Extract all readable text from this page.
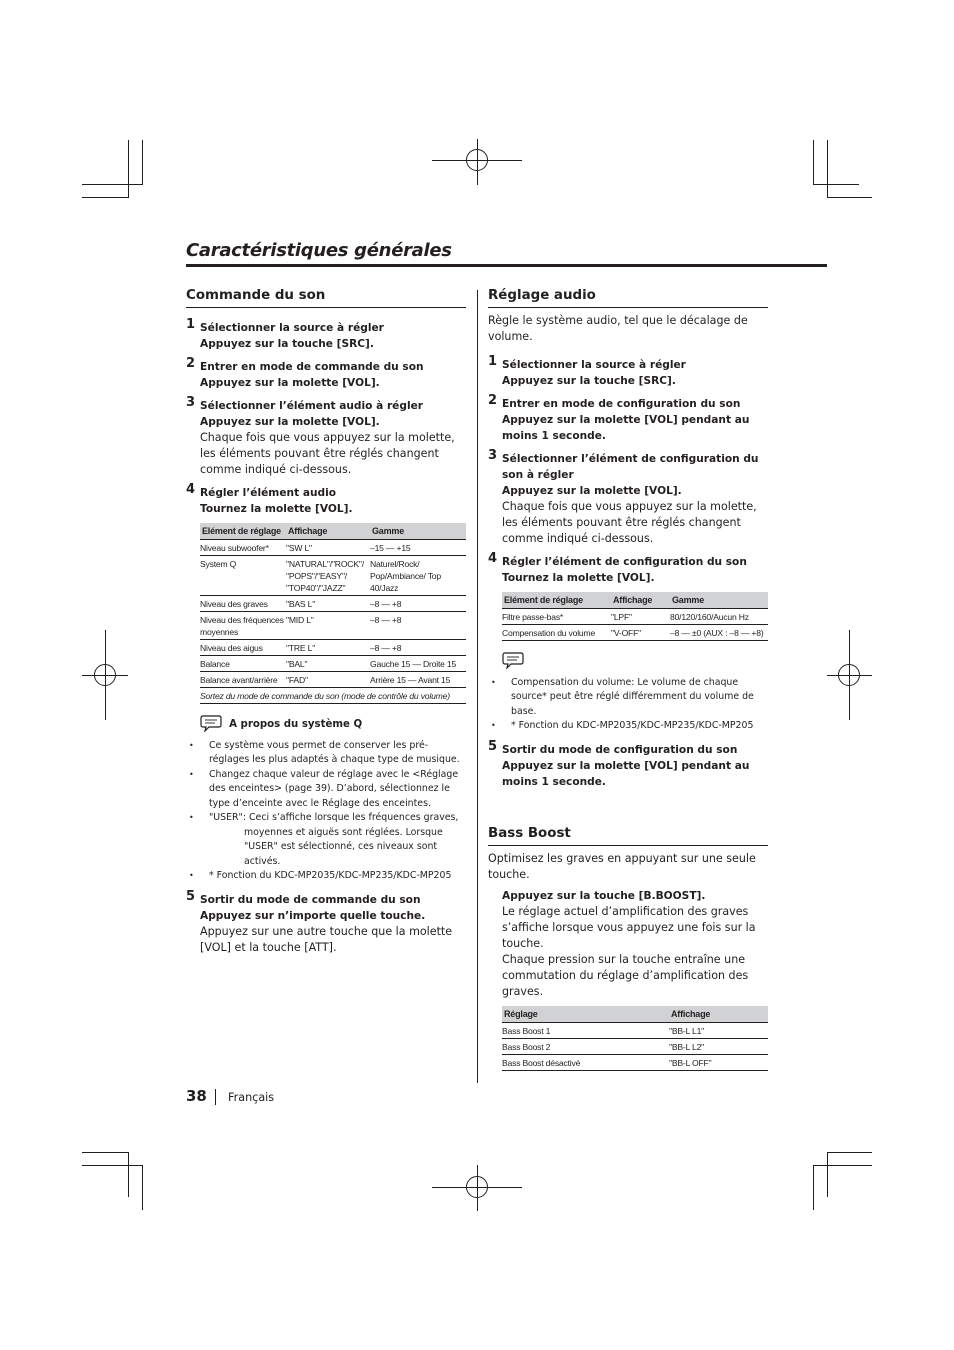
Caractéristiques générales
Commande du son
1 Sélectionner la source à régler
Appuyez sur la touche [SRC].
2 Entrer en mode de commande du son
Appuyez sur la molette [VOL].
3 Sélectionner l’élément audio à régler
Appuyez sur la molette [VOL].
Chaque fois que vous appuyez sur la molette, les éléments pouvant être réglés changent comme indiqué ci-dessous.
4 Régler l’élément audio
Tournez la molette [VOL].
Elément de réglage	Affichage	Gamme
Niveau subwoofer*	"SW L"	–15 — +15
System Q	"NATURAL"/"ROCK"/ "POPS"/"EASY"/ "TOP40"/"JAZZ"	Naturel/Rock/ Pop/Ambiance/ Top 40/Jazz
Niveau des graves	"BAS L"	–8 — +8
Niveau des fréquences moyennes	"MID L"	–8 — +8
Niveau des aigus	"TRE L"	–8 — +8
Balance	"BAL"	Gauche 15 — Droite 15
Balance avant/arrière	"FAD"	Arrière 15 — Avant 15
Sortez du mode de commande du son (mode de contrôle du volume)		
A propos du système Q
• Ce système vous permet de conserver les pré-réglages les plus adaptés à chaque type de musique.
• Changez chaque valeur de réglage avec le <Réglage des enceintes> (page 39). D’abord, sélectionnez le type d’enceinte avec le Réglage des enceintes.
• "USER": Ceci s’affiche lorsque les fréquences graves,
moyennes et aiguës sont réglées. Lorsque "USER" est sélectionné, ces niveaux sont activés.
• * Fonction du KDC-MP2035/KDC-MP235/KDC-MP205
5 Sortir du mode de commande du son
Appuyez sur n’importe quelle touche.
Appuyez sur une autre touche que la molette [VOL] et la touche [ATT].
Réglage audio
Règle le système audio, tel que le décalage de volume.
1 Sélectionner la source à régler
Appuyez sur la touche [SRC].
2 Entrer en mode de configuration du son
Appuyez sur la molette [VOL] pendant au moins 1 seconde.
3 Sélectionner l’élément de configuration du son à régler
Appuyez sur la molette [VOL].
Chaque fois que vous appuyez sur la molette, les éléments pouvant être réglés changent comme indiqué ci-dessous.
4 Régler l’élément de configuration du son
Tournez la molette [VOL].
Elément de réglage	Affichage	Gamme
Filtre passe-bas*	"LPF"	80/120/160/Aucun Hz
Compensation du volume	"V-OFF"	–8 — ±0 (AUX : –8 — +8)
• Compensation du volume: Le volume de chaque source* peut être réglé différemment du volume de base.
• * Fonction du KDC-MP2035/KDC-MP235/KDC-MP205
5 Sortir du mode de configuration du son
Appuyez sur la molette [VOL] pendant au moins 1 seconde.
Bass Boost
Optimisez les graves en appuyant sur une seule touche.
Appuyez sur la touche [B.BOOST].
Le réglage actuel d’amplification des graves s’affiche lorsque vous appuyez une fois sur la touche.
Chaque pression sur la touche entraîne une commutation du réglage d’amplification des graves.
Réglage	Affichage
Bass Boost 1	"BB-L L1"
Bass Boost 2	"BB-L L2"
Bass Boost désactivé	"BB-L OFF"
38 Français
